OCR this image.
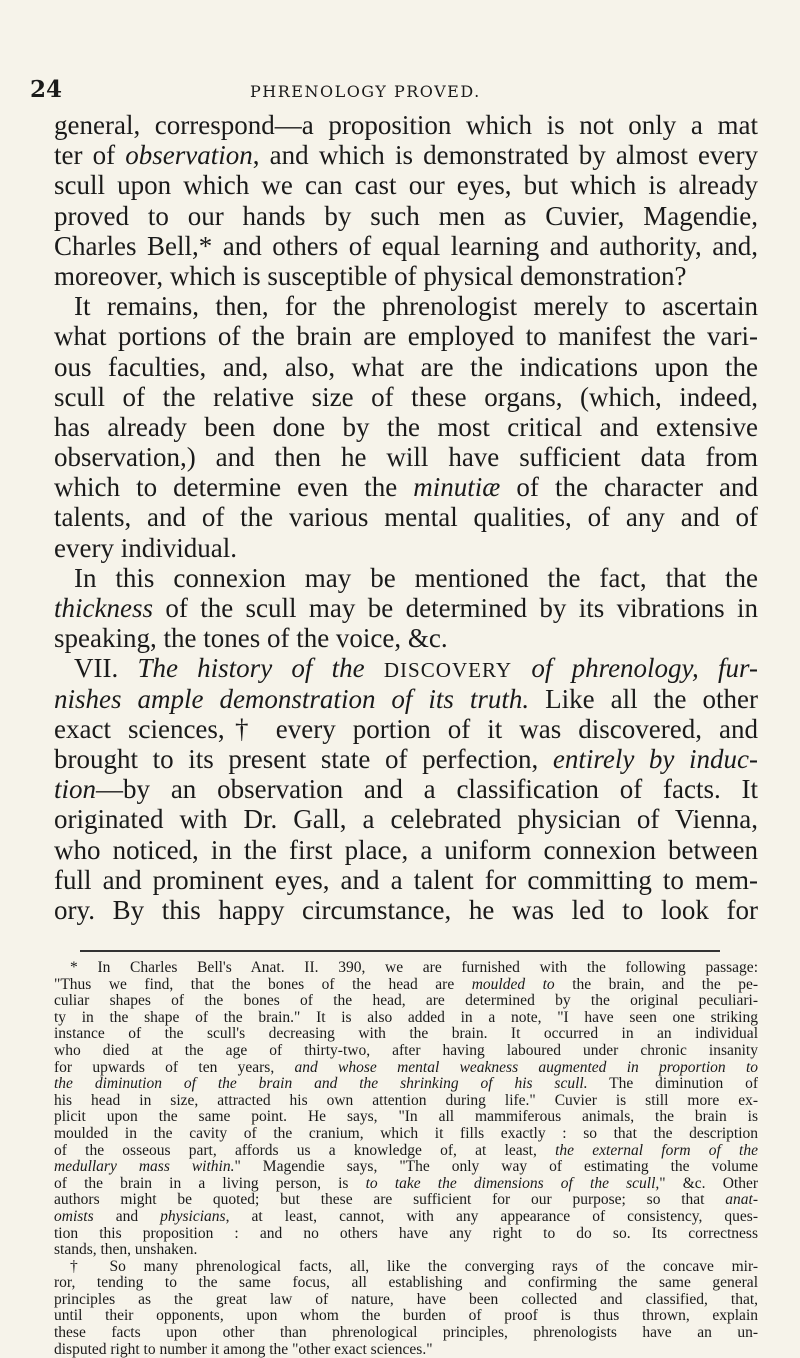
24	PHRENOLOGY PROVED.
general, correspond—a proposition which is not only a mat
ter of observation, and which is demonstrated by almost every
scull upon which we can cast our eyes, but which is already
proved to our hands by such men as Cuvier, Magendie,
Charles Bell,* and others of equal learning and authority, and,
moreover, which is susceptible of physical demonstration?
It remains, then, for the phrenologist merely to ascertain
what portions of the brain are employed to manifest the vari-
ous faculties, and, also, what are the indications upon the
scull of the relative size of these organs, (which, indeed,
has already been done by the most critical and extensive
observation,) and then he will have sufficient data from
which to determine even the minutiæ of the character and
talents, and of the various mental qualities, of any and of
every individual.
In this connexion may be mentioned the fact, that the
thickness of the scull may be determined by its vibrations in
speaking, the tones of the voice, &c.
VII. The history of the DISCOVERY of phrenology, fur-
nishes ample demonstration of its truth. Like all the other
exact sciences,† every portion of it was discovered, and
brought to its present state of perfection, entirely by induc-
tion—by an observation and a classification of facts. It
originated with Dr. Gall, a celebrated physician of Vienna,
who noticed, in the first place, a uniform connexion between
full and prominent eyes, and a talent for committing to mem-
ory. By this happy circumstance, he was led to look for
* In Charles Bell's Anat. II. 390, we are furnished with the following passage:
"Thus we find, that the bones of the head are moulded to the brain, and the pe-
culiar shapes of the bones of the head, are determined by the original peculiari-
ty in the shape of the brain." It is also added in a note, "I have seen one striking
instance of the scull's decreasing with the brain. It occurred in an individual
who died at the age of thirty-two, after having laboured under chronic insanity
for upwards of ten years, and whose mental weakness augmented in proportion to
the diminution of the brain and the shrinking of his scull. The diminution of
his head in size, attracted his own attention during life." Cuvier is still more ex-
plicit upon the same point. He says, "In all mammiferous animals, the brain is
moulded in the cavity of the cranium, which it fills exactly : so that the description
of the osseous part, affords us a knowledge of, at least, the external form of the
medullary mass within." Magendie says, "The only way of estimating the volume
of the brain in a living person, is to take the dimensions of the scull," &c. Other
authors might be quoted; but these are sufficient for our purpose; so that anat-
omists and physicians, at least, cannot, with any appearance of consistency, ques-
tion this proposition : and no others have any right to do so. Its correctness
stands, then, unshaken.
† So many phrenological facts, all, like the converging rays of the concave mir-
ror, tending to the same focus, all establishing and confirming the same general
principles as the great law of nature, have been collected and classified, that,
until their opponents, upon whom the burden of proof is thus thrown, explain
these facts upon other than phrenological principles, phrenologists have an un-
disputed right to number it among the "other exact sciences."
